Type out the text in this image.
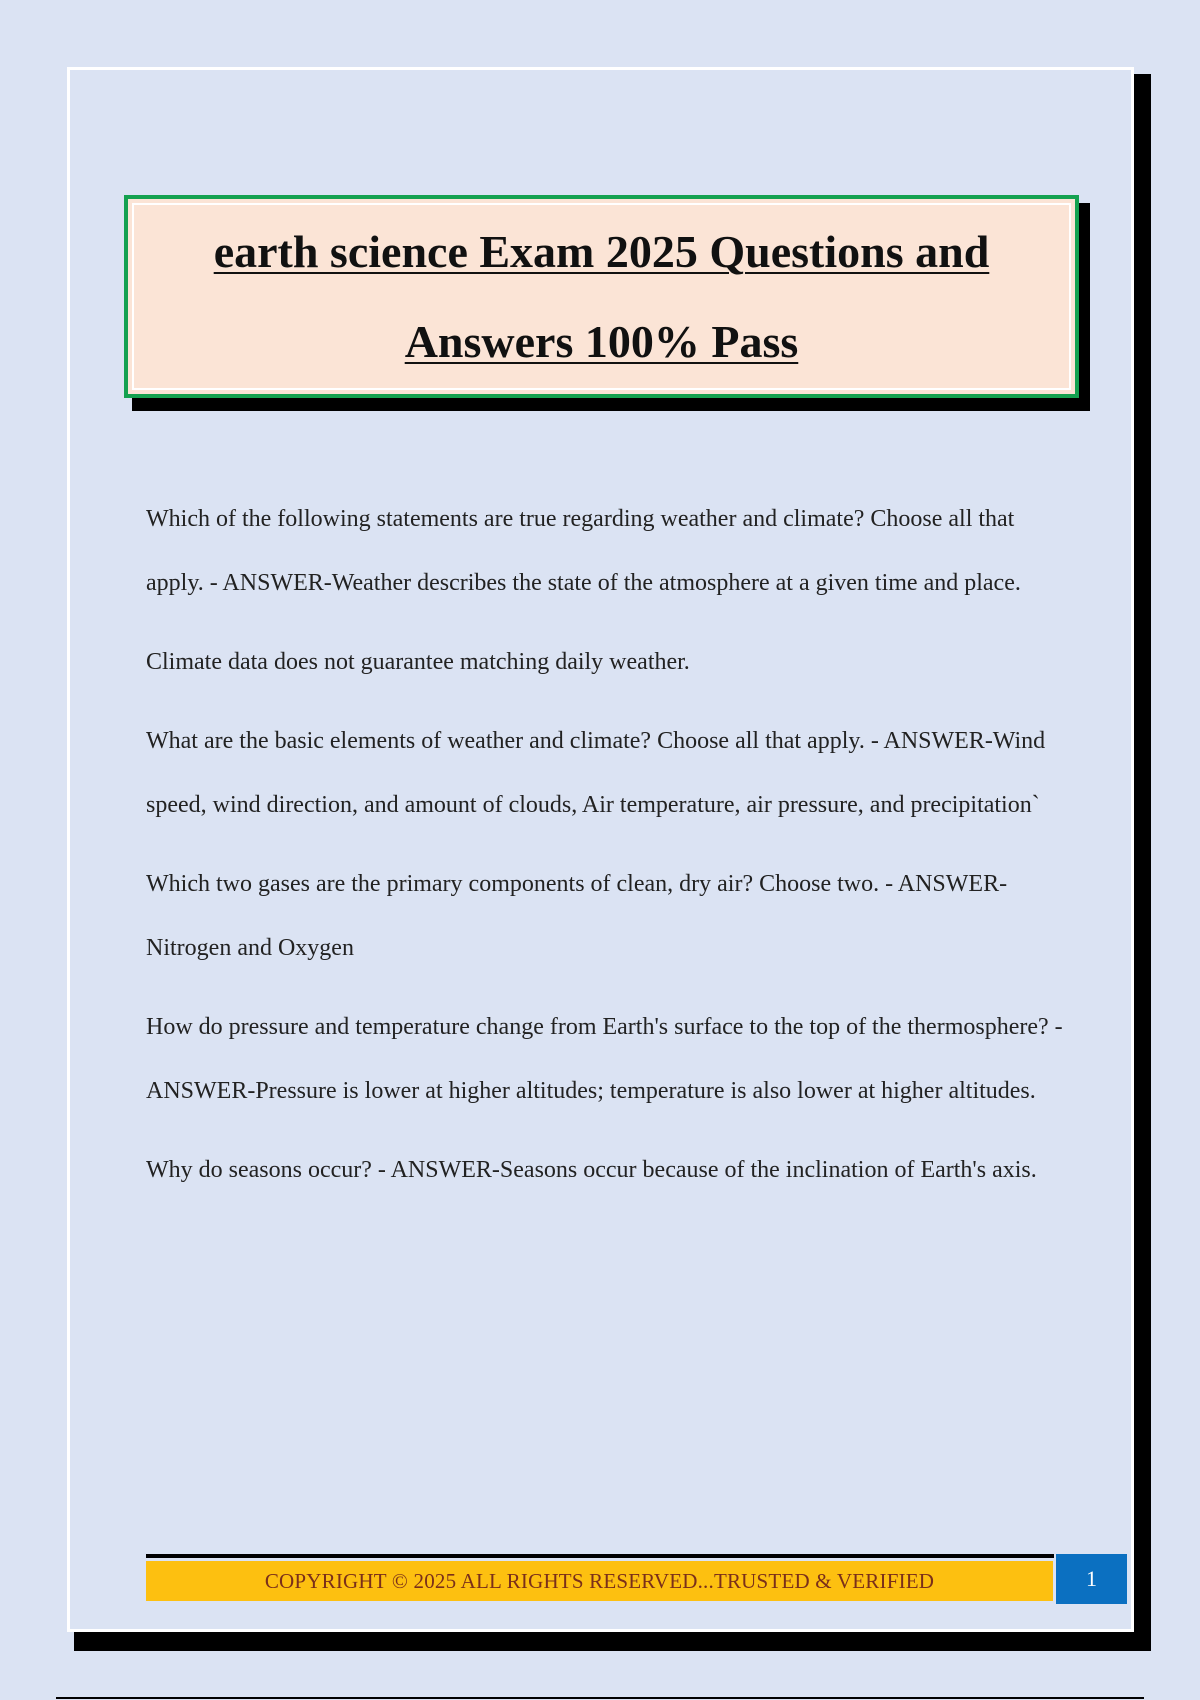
earth science Exam 2025 Questions and
Answers 100% Pass

Which of the following statements are true regarding weather and climate? Choose all that apply. - ANSWER-Weather describes the state of the atmosphere at a given time and place.

Climate data does not guarantee matching daily weather.

What are the basic elements of weather and climate? Choose all that apply. - ANSWER-Wind speed, wind direction, and amount of clouds, Air temperature, air pressure, and precipitation`

Which two gases are the primary components of clean, dry air? Choose two. - ANSWER-Nitrogen and Oxygen

How do pressure and temperature change from Earth's surface to the top of the thermosphere? - ANSWER-Pressure is lower at higher altitudes; temperature is also lower at higher altitudes.

Why do seasons occur? - ANSWER-Seasons occur because of the inclination of Earth's axis.

COPYRIGHT © 2025 ALL RIGHTS RESERVED...TRUSTED & VERIFIED	1
